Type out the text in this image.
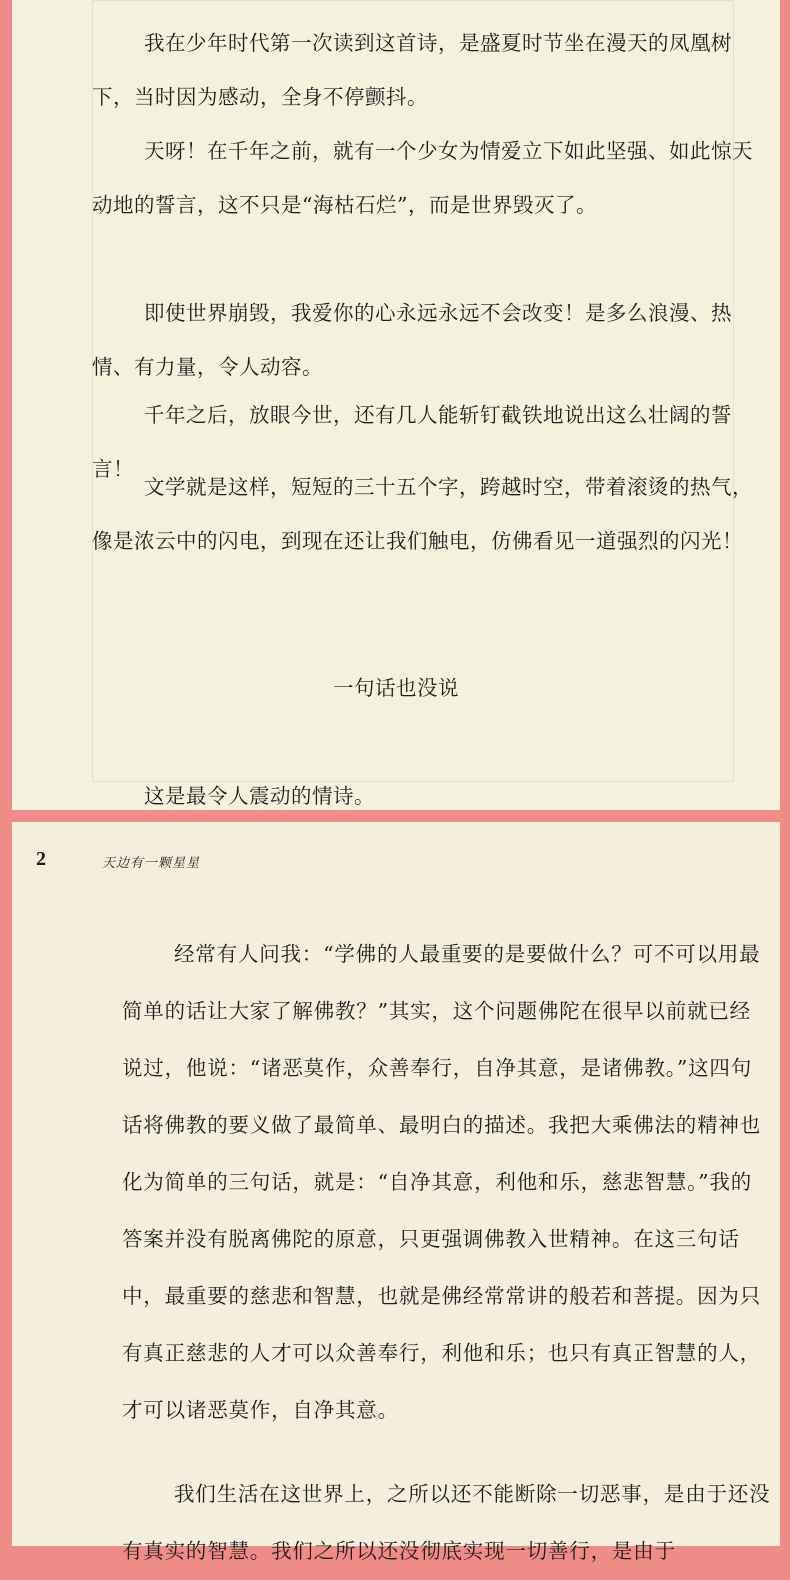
我在少年时代第一次读到这首诗，是盛夏时节坐在漫天的凤凰树下，当时因为感动，全身不停颤抖。

天呀！在千年之前，就有一个少女为情爱立下如此坚强、如此惊天动地的誓言，这不只是“海枯石烂”，而是世界毁灭了。

即使世界崩毁，我爱你的心永远永远不会改变！是多么浪漫、热情、有力量，令人动容。

千年之后，放眼今世，还有几人能斩钉截铁地说出这么壮阔的誓言！

文学就是这样，短短的三十五个字，跨越时空，带着滚烫的热气，像是浓云中的闪电，到现在还让我们触电，仿佛看见一道强烈的闪光！

一句话也没说
这是最令人震动的情诗。
2	天边有一颗星星

经常有人问我：“学佛的人最重要的是要做什么？可不可以用最简单的话让大家了解佛教？”其实，这个问题佛陀在很早以前就已经说过，他说：“诸恶莫作，众善奉行，自净其意，是诸佛教。”这四句话将佛教的要义做了最简单、最明白的描述。我把大乘佛法的精神也化为简单的三句话，就是：“自净其意，利他和乐，慈悲智慧。”我的答案并没有脱离佛陀的原意，只更强调佛教入世精神。在这三句话中，最重要的慈悲和智慧，也就是佛经常常讲的般若和菩提。因为只有真正慈悲的人才可以众善奉行，利他和乐；也只有真正智慧的人，才可以诸恶莫作，自净其意。

我们生活在这世界上，之所以还不能断除一切恶事，是由于还没有真实的智慧。我们之所以还没彻底实现一切善行，是由于
